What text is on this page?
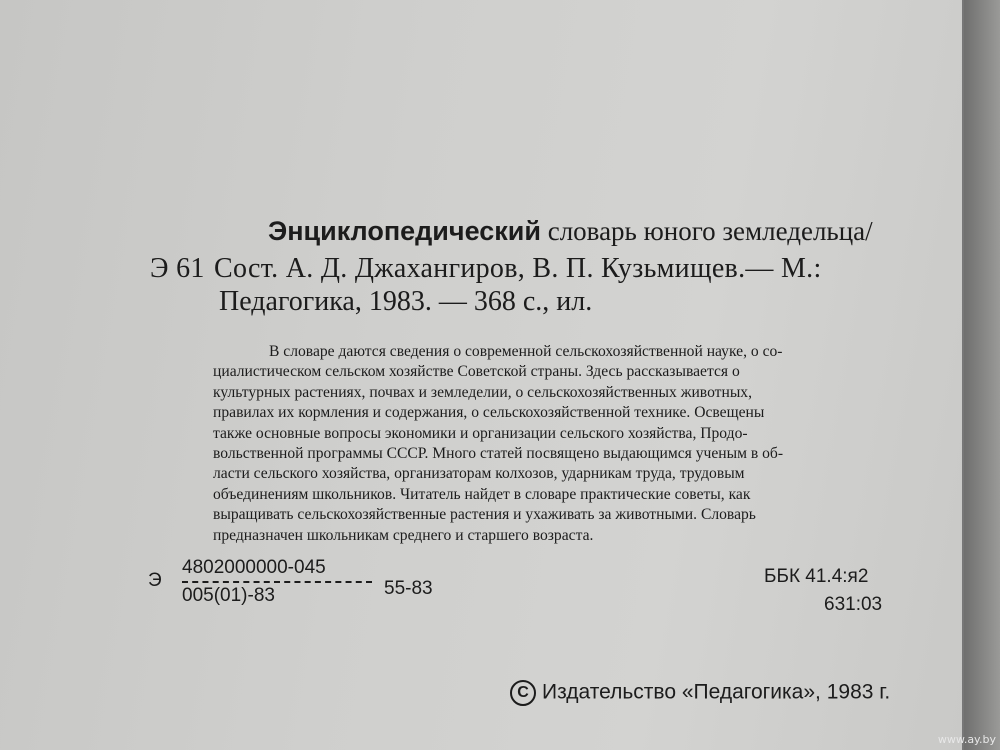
Энциклопедический словарь юного земледельца/
Э 61 Сост. А. Д. Джахангиров, В. П. Кузьмищев.— М.:
Педагогика, 1983. — 368 с., ил.
В словаре даются сведения о современной сельскохозяйственной науке, о со-
циалистическом сельском хозяйстве Советской страны. Здесь рассказывается о
культурных растениях, почвах и земледелии, о сельскохозяйственных животных,
правилах их кормления и содержания, о сельскохозяйственной технике. Освещены
также основные вопросы экономики и организации сельского хозяйства, Продо-
вольственной программы СССР. Много статей посвящено выдающимся ученым в об-
ласти сельского хозяйства, организаторам колхозов, ударникам труда, трудовым
объединениям школьников. Читатель найдет в словаре практические советы, как
выращивать сельскохозяйственные растения и ухаживать за животными. Словарь
предназначен школьникам среднего и старшего возраста.
Э
4802000000-045
005(01)-83	55-83
ББК 41.4:я2
631:03
C Издательство «Педагогика», 1983 г.
www.ay.by
